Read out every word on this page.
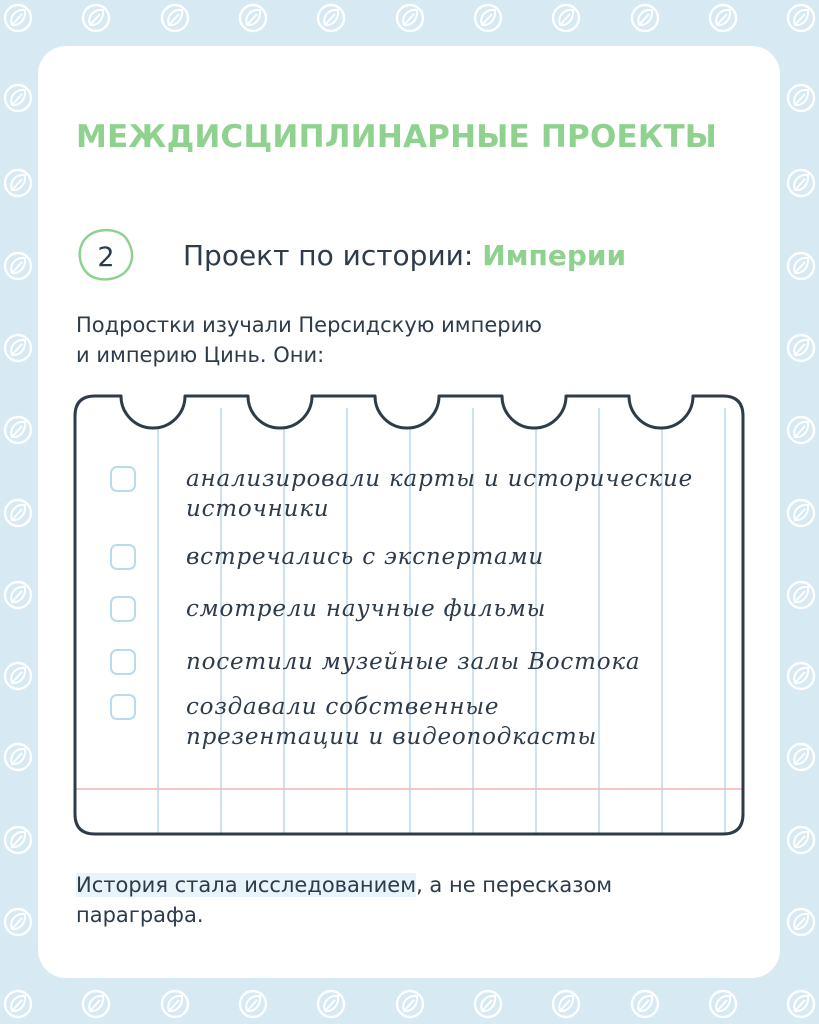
МЕЖДИСЦИПЛИНАРНЫЕ ПРОЕКТЫ
2 Проект по истории: Империи
Подростки изучали Персидскую империю
и империю Цинь. Они:
анализировали карты и исторические
источники
встречались с экспертами
смотрели научные фильмы
посетили музейные залы Востока
создавали собственные
презентации и видеоподкасты
История стала исследованием, а не пересказом
параграфа.
